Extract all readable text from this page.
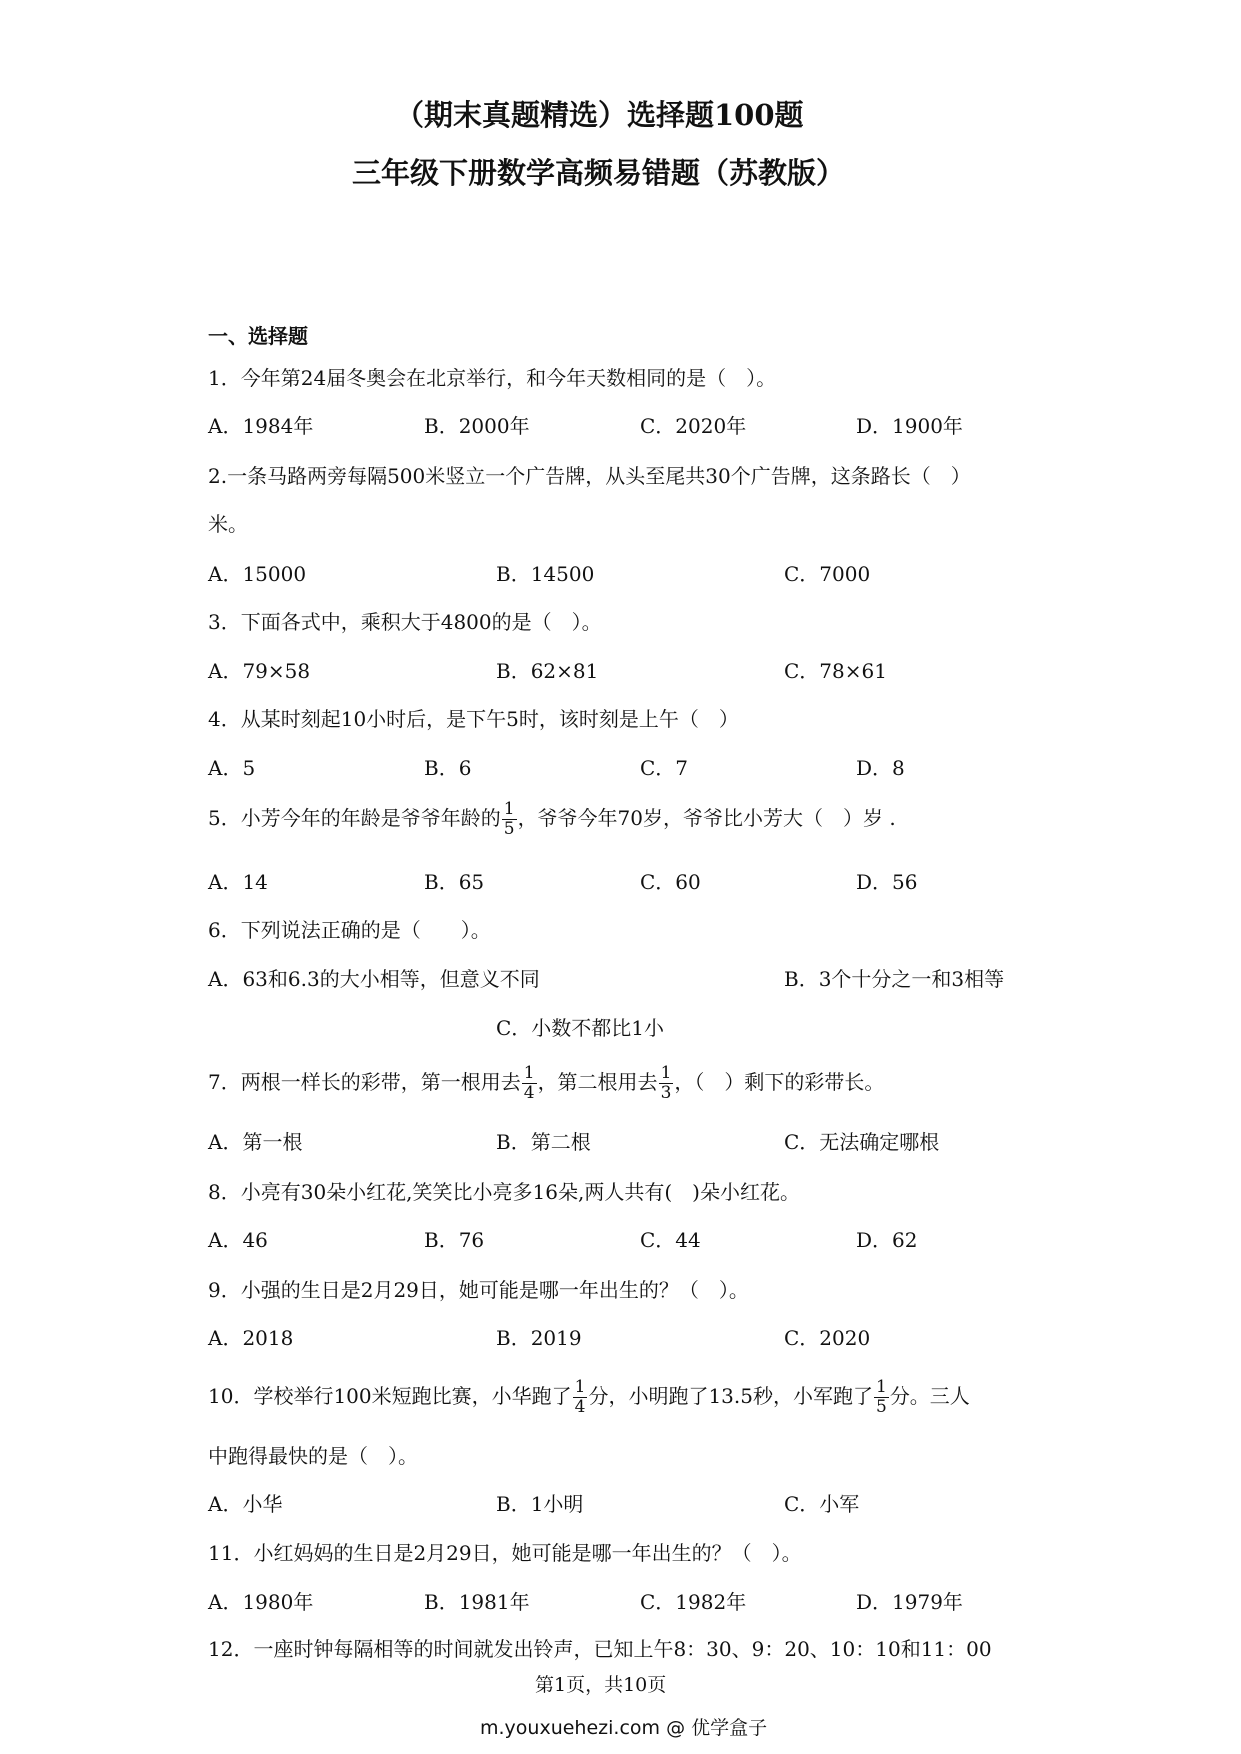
（期末真题精选）选择题100题
三年级下册数学高频易错题（苏教版）
一、选择题
1．今年第24届冬奥会在北京举行，和今年天数相同的是（　）。
A．1984年	B．2000年	C．2020年	D．1900年
2.一条马路两旁每隔500米竖立一个广告牌，从头至尾共30个广告牌，这条路长（　）
米。
A．15000	B．14500	C．7000
3．下面各式中，乘积大于4800的是（　）。
A．79×58	B．62×81	C．78×61
4．从某时刻起10小时后，是下午5时，该时刻是上午（　）
A．5	B．6	C．7	D．8
5．小芳今年的年龄是爷爷年龄的 $\frac{1}{5}$ ，爷爷今年70岁，爷爷比小芳大（　）岁 .
A．14	B．65	C．60	D．56
6．下列说法正确的是（　　）。
A．63和6.3的大小相等，但意义不同	B．3个十分之一和3相等
C．小数不都比1小
7．两根一样长的彩带，第一根用去 $\frac{1}{4}$ ，第二根用去 $\frac{1}{3}$ ，（　）剩下的彩带长。
A．第一根	B．第二根	C．无法确定哪根
8．小亮有30朵小红花,笑笑比小亮多16朵,两人共有(　)朵小红花。
A．46	B．76	C．44	D．62
9．小强的生日是2月29日，她可能是哪一年出生的？（　）。
A．2018	B．2019	C．2020
10．学校举行100米短跑比赛，小华跑了 $\frac{1}{4}$ 分，小明跑了13.5秒，小军跑了 $\frac{1}{5}$ 分。三人
中跑得最快的是（　）。
A．小华	B．1小明	C．小军
11．小红妈妈的生日是2月29日，她可能是哪一年出生的？（　）。
A．1980年	B．1981年	C．1982年	D．1979年
12．一座时钟每隔相等的时间就发出铃声，已知上午8：30、9：20、10：10和11：00
第1页，共10页
m.youxuehezi.com @ 优学盒子
